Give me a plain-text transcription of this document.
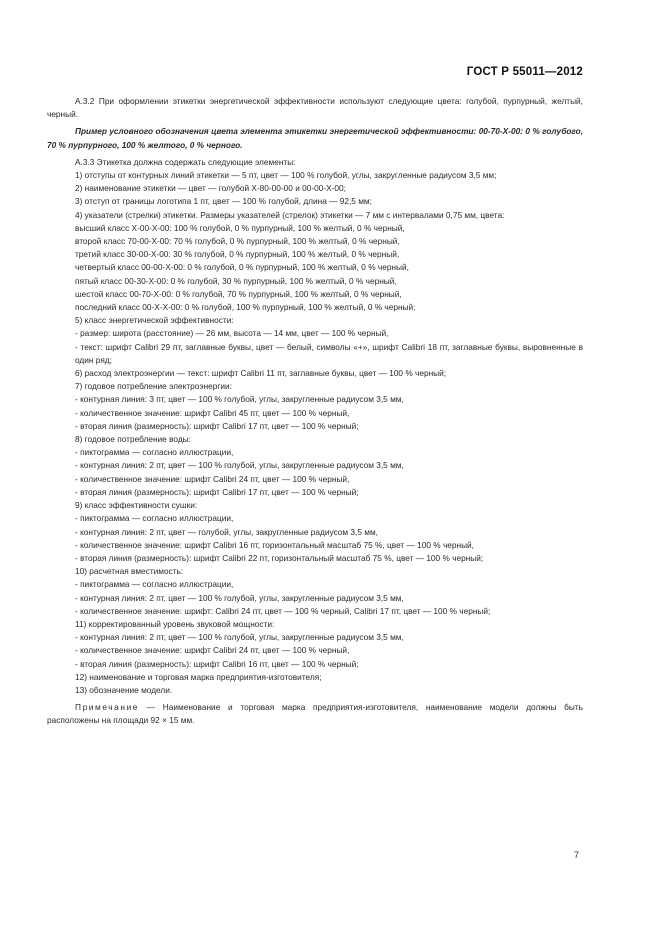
ГОСТ Р 55011—2012

А.3.2 При оформлении этикетки энергетической эффективности используют следующие цвета: голубой, пурпурный, желтый, черный.

Пример условного обозначения цвета элемента этикетки энергетической эффективности: 00-70-Х-00: 0 % голубого, 70 % пурпурного, 100 % желтого, 0 % черного.

А.3.3 Этикетка должна содержать следующие элементы:
1) отступы от контурных линий этикетки — 5 пт, цвет — 100 % голубой, углы, закругленные радиусом 3,5 мм;
2) наименование этикетки — цвет — голубой Х-80-00-00 и 00-00-Х-00;
3) отступ от границы логотипа 1 пт, цвет — 100 % голубой, длина — 92,5 мм;
4) указатели (стрелки) этикетки. Размеры указателей (стрелок) этикетки — 7 мм с интервалами 0,75 мм, цвета:
высший класс Х-00-Х-00: 100 % голубой, 0 % пурпурный, 100 % желтый, 0 % черный,
второй класс 70-00-Х-00: 70 % голубой, 0 % пурпурный, 100 % желтый, 0 % черный,
третий класс 30-00-Х-00: 30 % голубой, 0 % пурпурный, 100 % желтый, 0 % черный,
четвертый класс 00-00-Х-00: 0 % голубой, 0 % пурпурный, 100 % желтый, 0 % черный,
пятый класс 00-30-Х-00: 0 % голубой, 30 % пурпурный, 100 % желтый, 0 % черный,
шестой класс 00-70-Х-00: 0 % голубой, 70 % пурпурный, 100 % желтый, 0 % черный,
последний класс 00-Х-Х-00: 0 % голубой, 100 % пурпурный, 100 % желтый, 0 % черный;
5) класс энергетической эффективности:
- размер: широта (расстояние) — 26 мм, высота — 14 мм, цвет — 100 % черный,
- текст: шрифт Calibri 29 пт, заглавные буквы, цвет — белый, символы «+», шрифт Calibri 18 пт, заглавные буквы, выровненные в один ряд;
6) расход электроэнергии — текст: шрифт Calibri 11 пт, заглавные буквы, цвет — 100 % черный;
7) годовое потребление электроэнергии:
- контурная линия: 3 пт, цвет — 100 % голубой, углы, закругленные радиусом 3,5 мм,
- количественное значение: шрифт Calibri 45 пт, цвет — 100 % черный,
- вторая линия (размерность): шрифт Calibri 17 пт, цвет — 100 % черный;
8) годовое потребление воды:
- пиктограмма — согласно иллюстрации,
- контурная линия: 2 пт, цвет — 100 % голубой, углы, закругленные радиусом 3,5 мм,
- количественное значение: шрифт Calibri 24 пт, цвет — 100 % черный,
- вторая линия (размерность): шрифт Calibri 17 пт, цвет — 100 % черный;
9) класс эффективности сушки:
- пиктограмма — согласно иллюстрации,
- контурная линия: 2 пт, цвет — голубой, углы, закругленные радиусом 3,5 мм,
- количественное значение: шрифт Calibri 16 пт, горизонтальный масштаб 75 %, цвет — 100 % черный,
- вторая линия (размерность): шрифт Calibri 22 пт, горизонтальный масштаб 75 %, цвет — 100 % черный;
10) расчетная вместимость:
- пиктограмма — согласно иллюстрации,
- контурная линия: 2 пт, цвет — 100 % голубой, углы, закругленные радиусом 3,5 мм,
- количественное значение: шрифт: Calibri 24 пт, цвет — 100 % черный, Calibri 17 пт, цвет — 100 % черный;
11) корректированный уровень звуковой мощности:
- контурная линия: 2 пт, цвет — 100 % голубой, углы, закругленные радиусом 3,5 мм,
- количественное значение: шрифт Calibri 24 пт, цвет — 100 % черный,
- вторая линия (размерность): шрифт Calibri 16 пт, цвет — 100 % черный;
12) наименование и торговая марка предприятия-изготовителя;
13) обозначение модели.

Примечание — Наименование и торговая марка предприятия-изготовителя, наименование модели должны быть расположены на площади 92 × 15 мм.

7
